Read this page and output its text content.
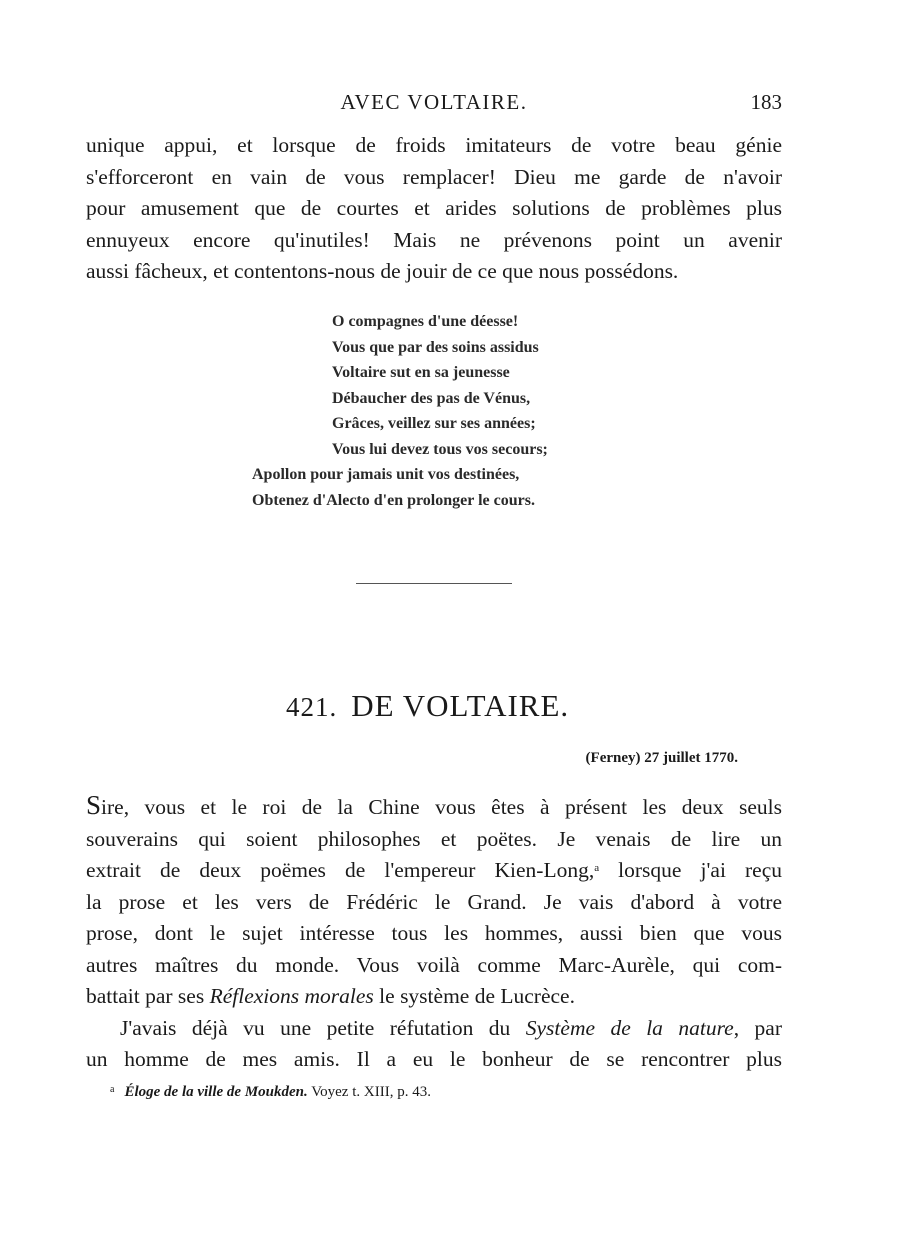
AVEC VOLTAIRE.	183
unique appui, et lorsque de froids imitateurs de votre beau génie
s'efforceront en vain de vous remplacer! Dieu me garde de n'avoir
pour amusement que de courtes et arides solutions de problèmes plus
ennuyeux encore qu'inutiles! Mais ne prévenons point un avenir
aussi fâcheux, et contentons-nous de jouir de ce que nous possédons.
O compagnes d'une déesse!
Vous que par des soins assidus
Voltaire sut en sa jeunesse
Débaucher des pas de Vénus,
Grâces, veillez sur ses années;
Vous lui devez tous vos secours;
Apollon pour jamais unit vos destinées,
Obtenez d'Alecto d'en prolonger le cours.
421. DE VOLTAIRE.
(Ferney) 27 juillet 1770.
Sire, vous et le roi de la Chine vous êtes à présent les deux seuls
souverains qui soient philosophes et poëtes. Je venais de lire un
extrait de deux poëmes de l'empereur Kien-Long,$^a$ lorsque j'ai reçu
la prose et les vers de Frédéric le Grand. Je vais d'abord à votre
prose, dont le sujet intéresse tous les hommes, aussi bien que vous
autres maîtres du monde. Vous voilà comme Marc-Aurèle, qui com-
battait par ses Réflexions morales le système de Lucrèce.
J'avais déjà vu une petite réfutation du Système de la nature, par
un homme de mes amis. Il a eu le bonheur de se rencontrer plus
$^a$ Éloge de la ville de Moukden. Voyez t. XIII, p. 43.
